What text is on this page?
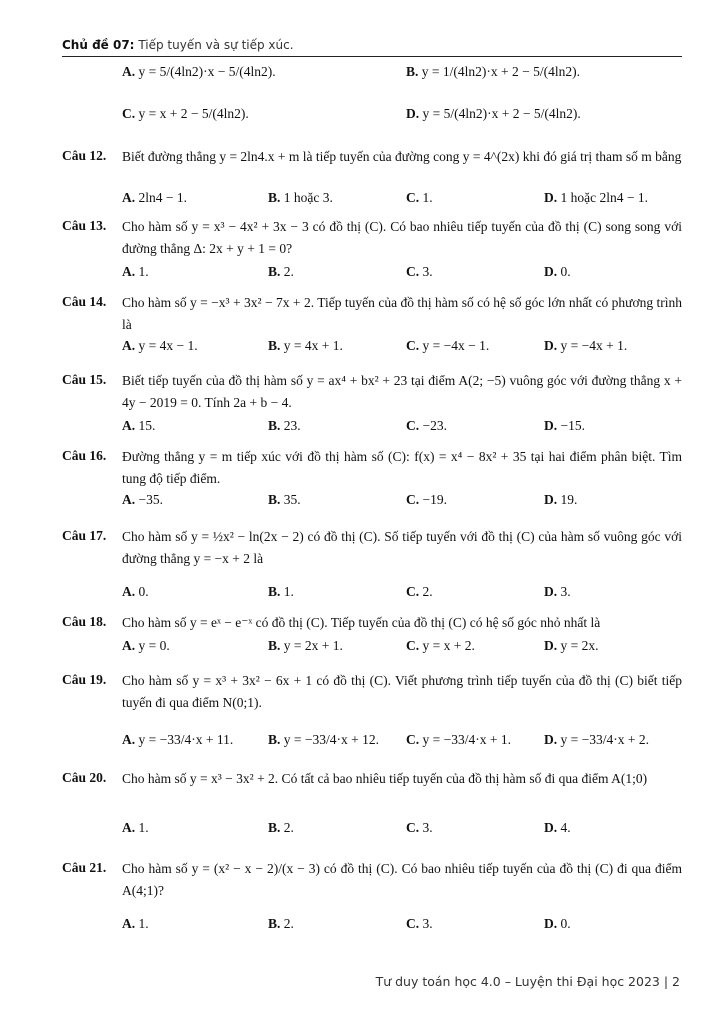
Chủ đề 07: Tiếp tuyến và sự tiếp xúc.
A. y = 5/(4ln2)·x − 5/(4ln2).	B. y = 1/(4ln2)·x + 2 − 5/(4ln2).
C. y = x + 2 − 5/(4ln2).	D. y = 5/(4ln2)·x + 2 − 5/(4ln2).
Câu 12. Biết đường thẳng y = 2ln4.x + m là tiếp tuyến của đường cong y = 4^(2x) khi đó giá trị tham số m bằng
A. 2ln4 − 1.	B. 1 hoặc 3.	C. 1.	D. 1 hoặc 2ln4 − 1.
Câu 13. Cho hàm số y = x³ − 4x² + 3x − 3 có đồ thị (C). Có bao nhiêu tiếp tuyến của đồ thị (C) song song với đường thẳng Δ: 2x + y + 1 = 0?
A. 1.	B. 2.	C. 3.	D. 0.
Câu 14. Cho hàm số y = −x³ + 3x² − 7x + 2. Tiếp tuyến của đồ thị hàm số có hệ số góc lớn nhất có phương trình là
A. y = 4x − 1.	B. y = 4x + 1.	C. y = −4x − 1.	D. y = −4x + 1.
Câu 15. Biết tiếp tuyến của đồ thị hàm số y = ax⁴ + bx² + 23 tại điểm A(2; −5) vuông góc với đường thẳng x + 4y − 2019 = 0. Tính 2a + b − 4.
A. 15.	B. 23.	C. −23.	D. −15.
Câu 16. Đường thẳng y = m tiếp xúc với đồ thị hàm số (C): f(x) = x⁴ − 8x² + 35 tại hai điểm phân biệt. Tìm tung độ tiếp điểm.
A. −35.	B. 35.	C. −19.	D. 19.
Câu 17. Cho hàm số y = ½x² − ln(2x − 2) có đồ thị (C). Số tiếp tuyến với đồ thị (C) của hàm số vuông góc với đường thẳng y = −x + 2 là
A. 0.	B. 1.	C. 2.	D. 3.
Câu 18. Cho hàm số y = eˣ − e⁻ˣ có đồ thị (C). Tiếp tuyến của đồ thị (C) có hệ số góc nhỏ nhất là
A. y = 0.	B. y = 2x + 1.	C. y = x + 2.	D. y = 2x.
Câu 19. Cho hàm số y = x³ + 3x² − 6x + 1 có đồ thị (C). Viết phương trình tiếp tuyến của đồ thị (C) biết tiếp tuyến đi qua điểm N(0;1).
A. y = −33/4·x + 11.	B. y = −33/4·x + 12. C. y = −33/4·x + 1. D. y = −33/4·x + 2.
Câu 20. Cho hàm số y = x³ − 3x² + 2. Có tất cả bao nhiêu tiếp tuyến của đồ thị hàm số đi qua điểm A(1;0)
A. 1.	B. 2.	C. 3.	D. 4.
Câu 21. Cho hàm số y = (x² − x − 2)/(x − 3) có đồ thị (C). Có bao nhiêu tiếp tuyến của đồ thị (C) đi qua điểm A(4;1)?
A. 1.	B. 2.	C. 3.	D. 0.
Tư duy toán học 4.0 – Luyện thi Đại học 2023 | 2
